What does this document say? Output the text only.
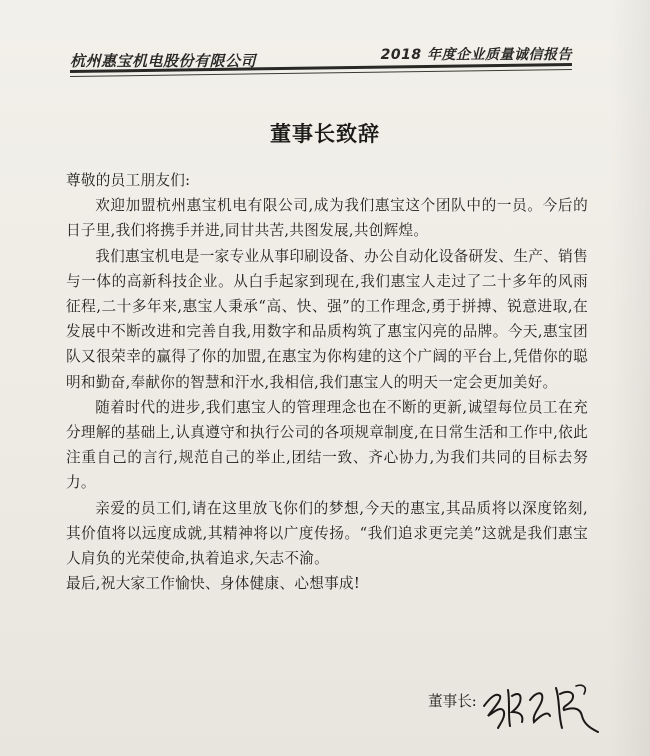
杭州惠宝机电股份有限公司	2018 年度企业质量诚信报告
董事长致辞

尊敬的员工朋友们:

欢迎加盟杭州惠宝机电有限公司,成为我们惠宝这个团队中的一员。今后的日子里,我们将携手并进,同甘共苦,共图发展,共创辉煌。

我们惠宝机电是一家专业从事印刷设备、办公自动化设备研发、生产、销售与一体的高新科技企业。从白手起家到现在,我们惠宝人走过了二十多年的风雨征程,二十多年来,惠宝人秉承“高、快、强”的工作理念,勇于拼搏、锐意进取,在发展中不断改进和完善自我,用数字和品质构筑了惠宝闪亮的品牌。今天,惠宝团队又很荣幸的赢得了你的加盟,在惠宝为你构建的这个广阔的平台上,凭借你的聪明和勤奋,奉献你的智慧和汗水,我相信,我们惠宝人的明天一定会更加美好。

随着时代的进步,我们惠宝人的管理理念也在不断的更新,诚望每位员工在充分理解的基础上,认真遵守和执行公司的各项规章制度,在日常生活和工作中,依此注重自己的言行,规范自己的举止,团结一致、齐心协力,为我们共同的目标去努力。

亲爱的员工们,请在这里放飞你们的梦想,今天的惠宝,其品质将以深度铭刻,其价值将以远度成就,其精神将以广度传扬。“我们追求更完美”这就是我们惠宝人肩负的光荣使命,执着追求,矢志不渝。

最后,祝大家工作愉快、身体健康、心想事成!

董事长:
